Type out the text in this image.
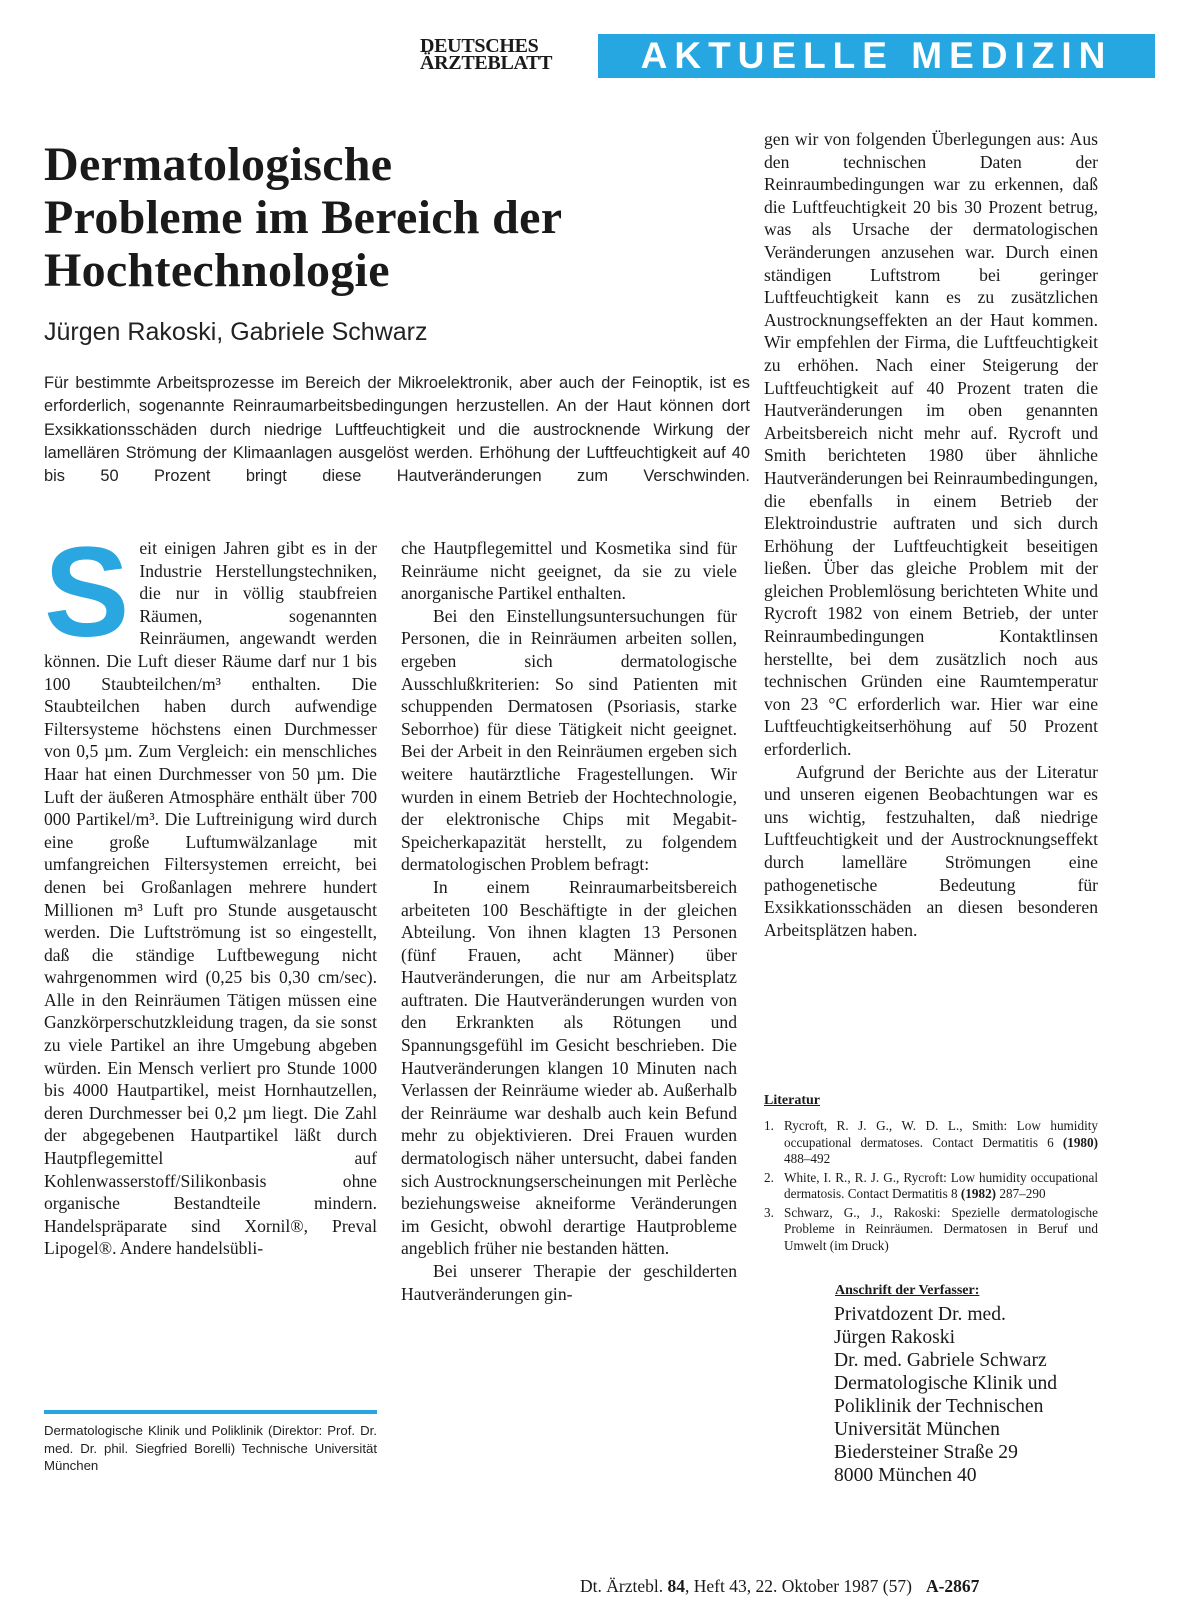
DEUTSCHES
ÄRZTEBLATT	AKTUELLE MEDIZIN
Dermatologische
Probleme im Bereich der
Hochtechnologie
Jürgen Rakoski, Gabriele Schwarz
Für bestimmte Arbeitsprozesse im Bereich der Mikroelektronik, aber auch der Feinoptik, ist es erforderlich, sogenannte Reinraumarbeitsbedingungen herzustellen. An der Haut können dort Exsikkationsschäden durch niedrige Luftfeuchtigkeit und die austrocknende Wirkung der lamellären Strömung der Klimaanlagen ausgelöst werden. Erhöhung der Luftfeuchtigkeit auf 40 bis 50 Prozent bringt diese Hautveränderungen zum Verschwinden.
S eit einigen Jahren gibt es in der Industrie Herstellungstechniken, die nur in völlig staubfreien Räumen, sogenannten Reinräumen, angewandt werden können. Die Luft dieser Räume darf nur 1 bis 100 Staubteilchen/m³ enthalten. Die Staubteilchen haben durch aufwendige Filtersysteme höchstens einen Durchmesser von 0,5 µm. Zum Vergleich: ein menschliches Haar hat einen Durchmesser von 50 µm. Die Luft der äußeren Atmosphäre enthält über 700 000 Partikel/m³. Die Luftreinigung wird durch eine große Luftumwälzanlage mit umfangreichen Filtersystemen erreicht, bei denen bei Großanlagen mehrere hundert Millionen m³ Luft pro Stunde ausgetauscht werden. Die Luftströmung ist so eingestellt, daß die ständige Luftbewegung nicht wahrgenommen wird (0,25 bis 0,30 cm/sec). Alle in den Reinräumen Tätigen müssen eine Ganzkörperschutzkleidung tragen, da sie sonst zu viele Partikel an ihre Umgebung abgeben würden. Ein Mensch verliert pro Stunde 1000 bis 4000 Hautpartikel, meist Hornhautzellen, deren Durchmesser bei 0,2 µm liegt. Die Zahl der abgegebenen Hautpartikel läßt durch Hautpflegemittel auf Kohlenwasserstoff/Silikonbasis ohne organische Bestandteile mindern. Handelspräparate sind Xornil®, Preval Lipogel®. Andere handelsübli-

Dermatologische Klinik und Poliklinik (Direktor: Prof. Dr. med. Dr. phil. Siegfried Borelli) Technische Universität München

che Hautpflegemittel und Kosmetika sind für Reinräume nicht geeignet, da sie zu viele anorganische Partikel enthalten.

Bei den Einstellungsuntersuchungen für Personen, die in Reinräumen arbeiten sollen, ergeben sich dermatologische Ausschlußkriterien: So sind Patienten mit schuppenden Dermatosen (Psoriasis, starke Seborrhoe) für diese Tätigkeit nicht geeignet. Bei der Arbeit in den Reinräumen ergeben sich weitere hautärztliche Fragestellungen. Wir wurden in einem Betrieb der Hochtechnologie, der elektronische Chips mit Megabit-Speicherkapazität herstellt, zu folgendem dermatologischen Problem befragt:

In einem Reinraumarbeitsbereich arbeiteten 100 Beschäftigte in der gleichen Abteilung. Von ihnen klagten 13 Personen (fünf Frauen, acht Männer) über Hautveränderungen, die nur am Arbeitsplatz auftraten. Die Hautveränderungen wurden von den Erkrankten als Rötungen und Spannungsgefühl im Gesicht beschrieben. Die Hautveränderungen klangen 10 Minuten nach Verlassen der Reinräume wieder ab. Außerhalb der Reinräume war deshalb auch kein Befund mehr zu objektivieren. Drei Frauen wurden dermatologisch näher untersucht, dabei fanden sich Austrocknungserscheinungen mit Perlèche beziehungsweise akneiforme Veränderungen im Gesicht, obwohl derartige Hautprobleme angeblich früher nie bestanden hätten.

Bei unserer Therapie der geschilderten Hautveränderungen gin-

gen wir von folgenden Überlegungen aus: Aus den technischen Daten der Reinraumbedingungen war zu erkennen, daß die Luftfeuchtigkeit 20 bis 30 Prozent betrug, was als Ursache der dermatologischen Veränderungen anzusehen war. Durch einen ständigen Luftstrom bei geringer Luftfeuchtigkeit kann es zu zusätzlichen Austrocknungseffekten an der Haut kommen. Wir empfehlen der Firma, die Luftfeuchtigkeit zu erhöhen. Nach einer Steigerung der Luftfeuchtigkeit auf 40 Prozent traten die Hautveränderungen im oben genannten Arbeitsbereich nicht mehr auf. Rycroft und Smith berichteten 1980 über ähnliche Hautveränderungen bei Reinraumbedingungen, die ebenfalls in einem Betrieb der Elektroindustrie auftraten und sich durch Erhöhung der Luftfeuchtigkeit beseitigen ließen. Über das gleiche Problem mit der gleichen Problemlösung berichteten White und Rycroft 1982 von einem Betrieb, der unter Reinraumbedingungen Kontaktlinsen herstellte, bei dem zusätzlich noch aus technischen Gründen eine Raumtemperatur von 23 °C erforderlich war. Hier war eine Luftfeuchtigkeitserhöhung auf 50 Prozent erforderlich.

Aufgrund der Berichte aus der Literatur und unseren eigenen Beobachtungen war es uns wichtig, festzuhalten, daß niedrige Luftfeuchtigkeit und der Austrocknungseffekt durch lamelläre Strömungen eine pathogenetische Bedeutung für Exsikkationsschäden an diesen besonderen Arbeitsplätzen haben.

Literatur
1. Rycroft, R. J. G., W. D. L., Smith: Low humidity occupational dermatoses. Contact Dermatitis 6 (1980) 488–492
2. White, I. R., R. J. G., Rycroft: Low humidity occupational dermatosis. Contact Dermatitis 8 (1982) 287–290
3. Schwarz, G., J., Rakoski: Spezielle dermatologische Probleme in Reinräumen. Dermatosen in Beruf und Umwelt (im Druck)
Anschrift der Verfasser:
Privatdozent Dr. med.
Jürgen Rakoski
Dr. med. Gabriele Schwarz
Dermatologische Klinik und
Poliklinik der Technischen
Universität München
Biedersteiner Straße 29
8000 München 40
Dt. Ärztebl. 84, Heft 43, 22. Oktober 1987 (57) A-2867
